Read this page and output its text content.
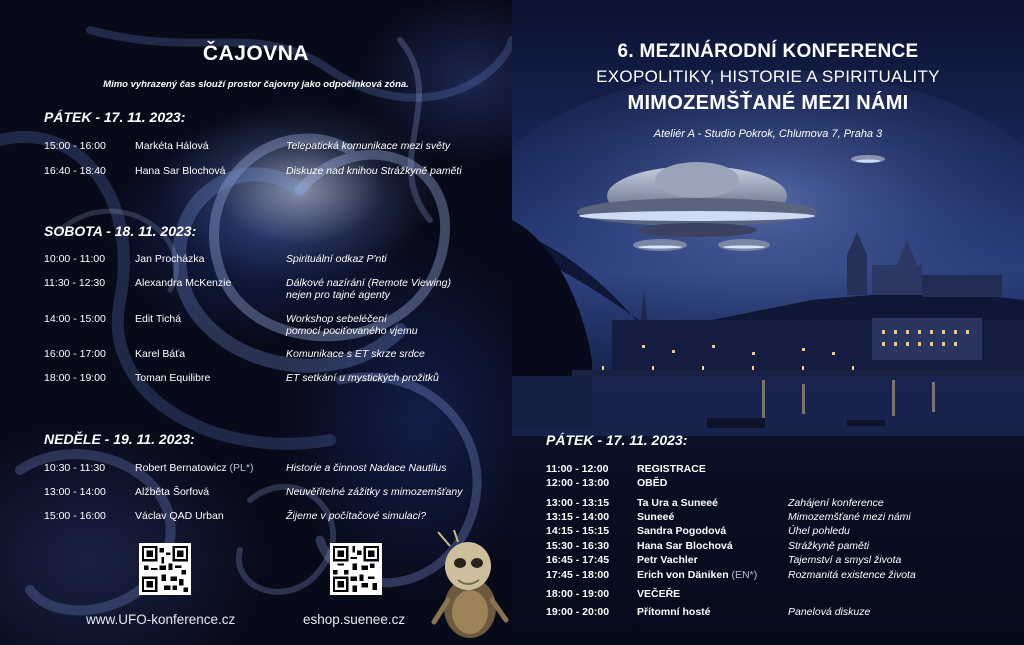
ČAJOVNA
Mimo vyhrazený čas slouží prostor čajovny jako odpočinková zóna.
PÁTEK - 17. 11. 2023:
15:00 - 16:00	Markéta Hálová	Telepatická komunikace mezi světy
16:40 - 18:40	Hana Sar Blochová	Diskuze nad knihou Strážkyně paměti
SOBOTA - 18. 11. 2023:
10:00 - 11:00	Jan Procházka	Spirituální odkaz P'nti
11:30 - 12:30	Alexandra McKenzie	Dálkové nazírání (Remote Viewing)
nejen pro tajné agenty
14:00 - 15:00	Edit Tichá	Workshop sebeléčení
pomocí pociťovaného vjemu
16:00 - 17:00	Karel Báťa	Komunikace s ET skrze srdce
18:00 - 19:00	Toman Equilibre	ET setkání u mystických prožitků
NEDĚLE - 19. 11. 2023:
10:30 - 11:30	Robert Bernatowicz (PL*)	Historie a činnost Nadace Nautilus
13:00 - 14:00	Alžběta Šorfová	Neuvěřitelné zážitky s mimozemšťany
15:00 - 16:00	Václav QAD Urban	Žijeme v počítačové simulaci?
www.UFO-konference.cz	eshop.suenee.cz
6. MEZINÁRODNÍ KONFERENCE
EXOPOLITIKY, HISTORIE A SPIRITUALITY
MIMOZEMŠŤANÉ MEZI NÁMI
Ateliér A - Studio Pokrok, Chlumova 7, Praha 3
PÁTEK - 17. 11. 2023:
11:00 - 12:00	REGISTRACE
12:00 - 13:00	OBĚD
13:00 - 13:15	Ta Ura a Suneeé	Zahájení konference
13:15 - 14:00	Suneeé	Mimozemšťané mezi námi
14:15 - 15:15	Sandra Pogodová	Úhel pohledu
15:30 - 16:30	Hana Sar Blochová	Strážkyně paměti
16:45 - 17:45	Petr Vachler	Tajemství a smysl života
17:45 - 18:00	Erich von Däniken (EN*)	Rozmanitá existence života
18:00 - 19:00	VEČEŘE
19:00 - 20:00	Přítomní hosté	Panelová diskuze
